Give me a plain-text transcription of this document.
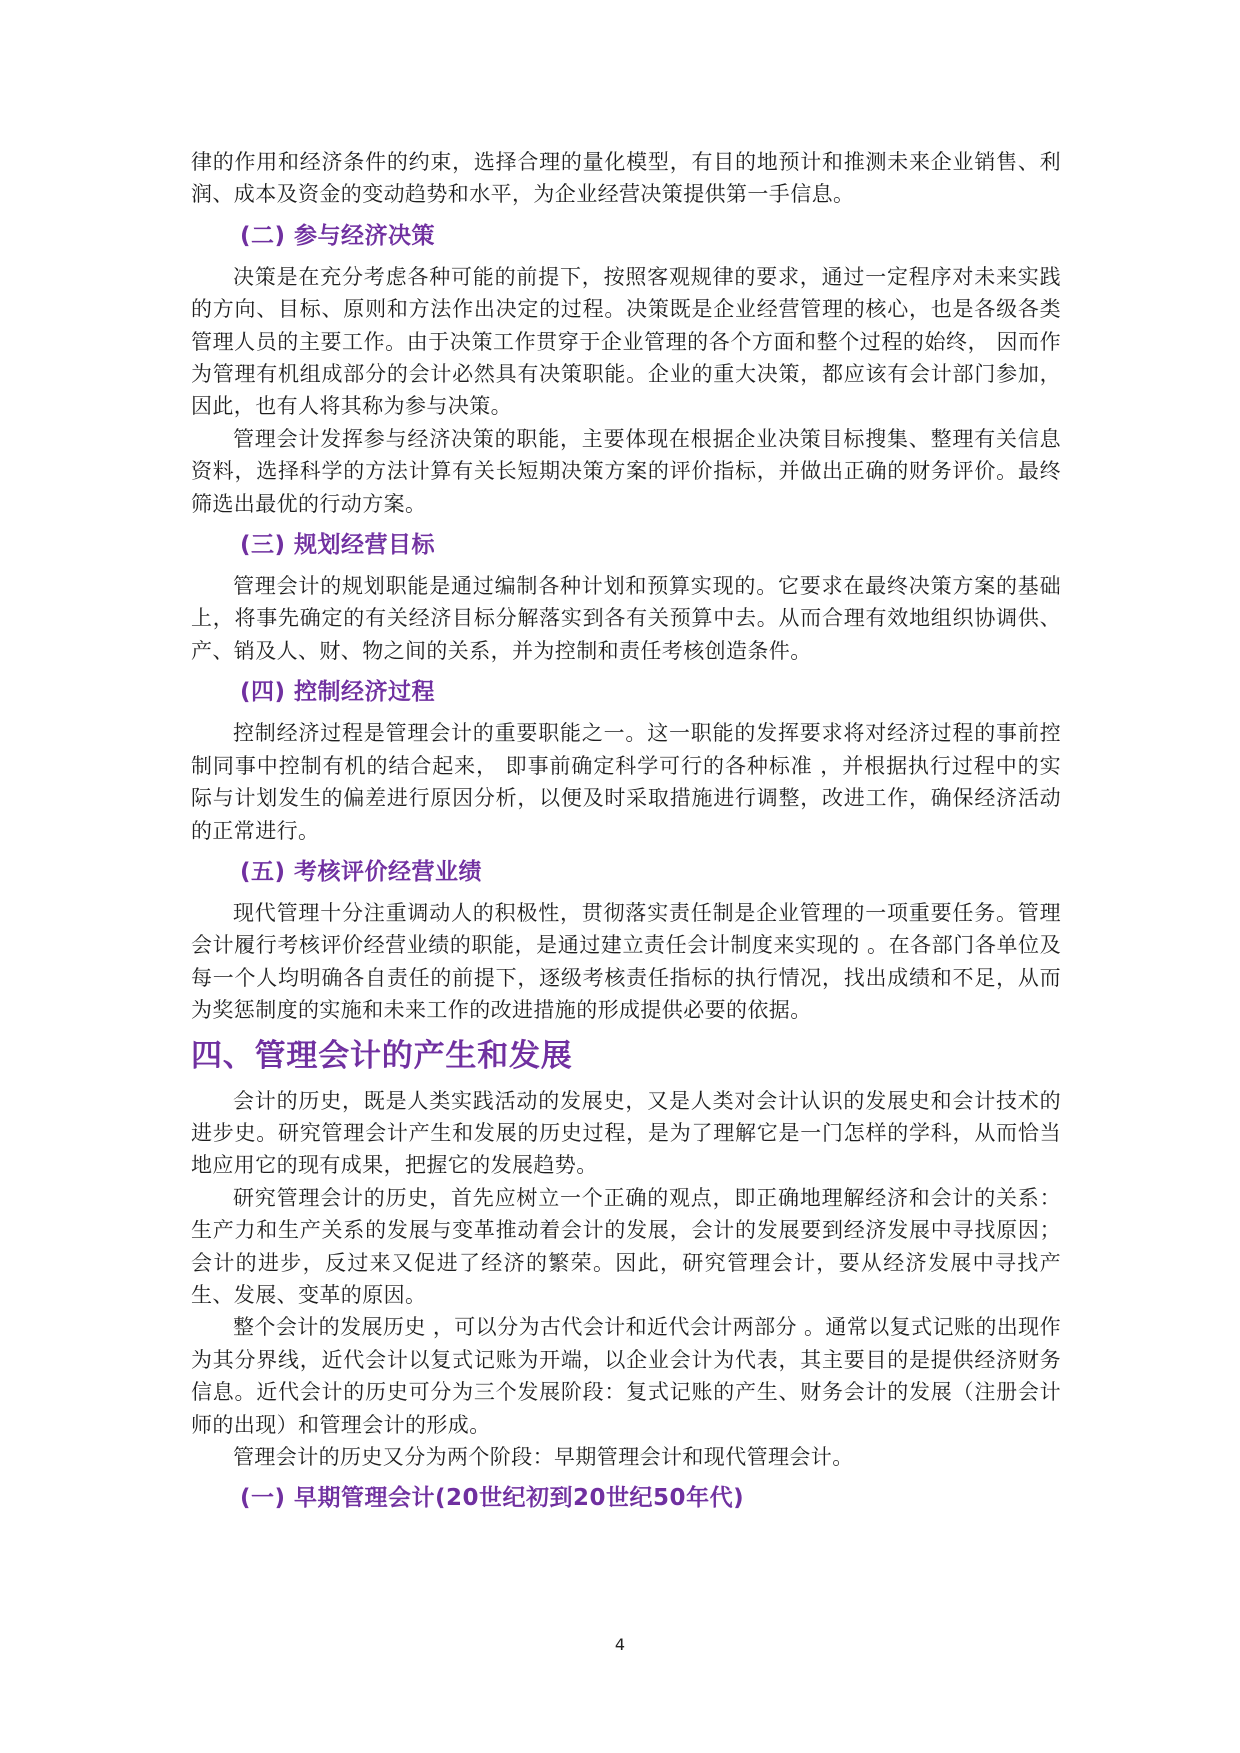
律的作用和经济条件的约束，选择合理的量化模型，有目的地预计和推测未来企业销售、利润、成本及资金的变动趋势和水平，为企业经营决策提供第一手信息。

(二) 参与经济决策

决策是在充分考虑各种可能的前提下，按照客观规律的要求，通过一定程序对未来实践的方向、目标、原则和方法作出决定的过程。决策既是企业经营管理的核心，也是各级各类管理人员的主要工作。由于决策工作贯穿于企业管理的各个方面和整个过程的始终， 因而作为管理有机组成部分的会计必然具有决策职能。企业的重大决策，都应该有会计部门参加，因此，也有人将其称为参与决策。

管理会计发挥参与经济决策的职能，主要体现在根据企业决策目标搜集、整理有关信息资料，选择科学的方法计算有关长短期决策方案的评价指标，并做出正确的财务评价。最终筛选出最优的行动方案。

(三) 规划经营目标

管理会计的规划职能是通过编制各种计划和预算实现的。它要求在最终决策方案的基础上，将事先确定的有关经济目标分解落实到各有关预算中去。从而合理有效地组织协调供、产、销及人、财、物之间的关系，并为控制和责任考核创造条件。

(四) 控制经济过程

控制经济过程是管理会计的重要职能之一。这一职能的发挥要求将对经济过程的事前控制同事中控制有机的结合起来， 即事前确定科学可行的各种标准 ，并根据执行过程中的实际与计划发生的偏差进行原因分析，以便及时采取措施进行调整，改进工作，确保经济活动的正常进行。

(五) 考核评价经营业绩

现代管理十分注重调动人的积极性，贯彻落实责任制是企业管理的一项重要任务。管理会计履行考核评价经营业绩的职能，是通过建立责任会计制度来实现的 。在各部门各单位及每一个人均明确各自责任的前提下，逐级考核责任指标的执行情况，找出成绩和不足，从而为奖惩制度的实施和未来工作的改进措施的形成提供必要的依据。

四、管理会计的产生和发展

会计的历史，既是人类实践活动的发展史，又是人类对会计认识的发展史和会计技术的进步史。研究管理会计产生和发展的历史过程，是为了理解它是一门怎样的学科，从而恰当地应用它的现有成果，把握它的发展趋势。

研究管理会计的历史，首先应树立一个正确的观点，即正确地理解经济和会计的关系：生产力和生产关系的发展与变革推动着会计的发展，会计的发展要到经济发展中寻找原因；会计的进步，反过来又促进了经济的繁荣。因此，研究管理会计，要从经济发展中寻找产生、发展、变革的原因。

整个会计的发展历史 ，可以分为古代会计和近代会计两部分 。通常以复式记账的出现作为其分界线，近代会计以复式记账为开端，以企业会计为代表，其主要目的是提供经济财务信息。近代会计的历史可分为三个发展阶段：复式记账的产生、财务会计的发展（注册会计师的出现）和管理会计的形成。

管理会计的历史又分为两个阶段：早期管理会计和现代管理会计。

(一) 早期管理会计(20世纪初到20世纪50年代)
4
